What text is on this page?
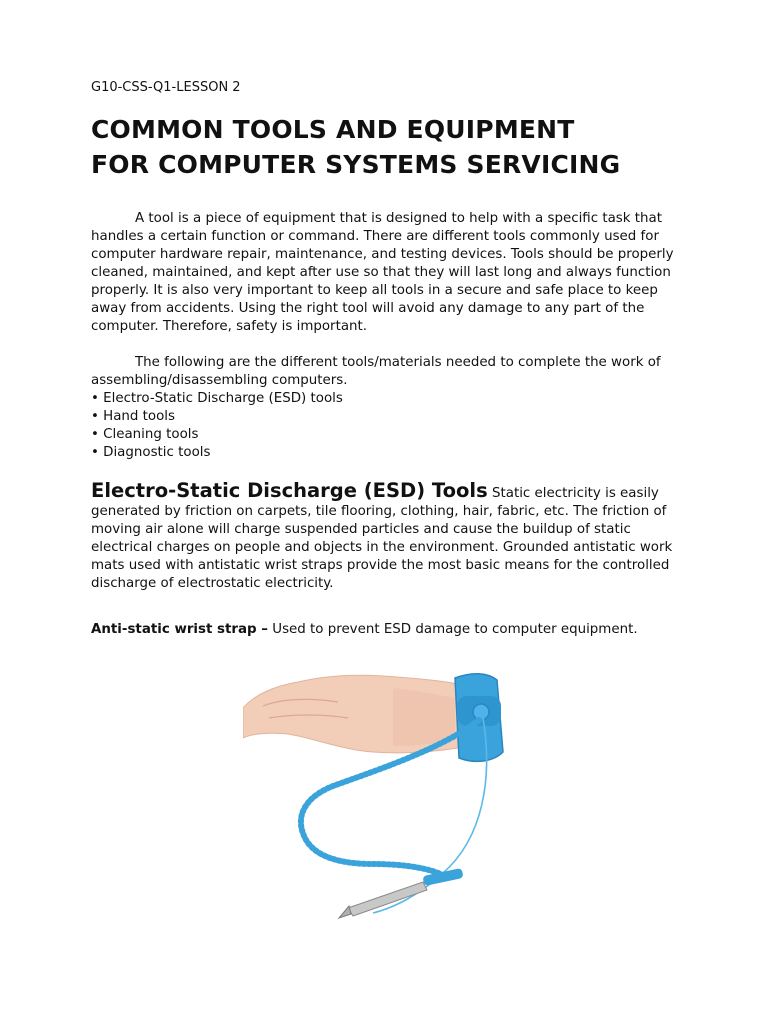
G10-CSS-Q1-LESSON 2

COMMON TOOLS AND EQUIPMENT
FOR COMPUTER SYSTEMS SERVICING

A tool is a piece of equipment that is designed to help with a specific task that handles a certain function or command. There are different tools commonly used for computer hardware repair, maintenance, and testing devices. Tools should be properly cleaned, maintained, and kept after use so that they will last long and always function properly. It is also very important to keep all tools in a secure and safe place to keep away from accidents. Using the right tool will avoid any damage to any part of the computer. Therefore, safety is important.

The following are the different tools/materials needed to complete the work of assembling/disassembling computers.

• Electro-Static Discharge (ESD) tools
• Hand tools
• Cleaning tools
• Diagnostic tools

Electro-Static Discharge (ESD) Tools Static electricity is easily generated by friction on carpets, tile flooring, clothing, hair, fabric, etc. The friction of moving air alone will charge suspended particles and cause the buildup of static electrical charges on people and objects in the environment. Grounded antistatic work mats used with antistatic wrist straps provide the most basic means for the controlled discharge of electrostatic electricity.

Anti-static wrist strap – Used to prevent ESD damage to computer equipment.
